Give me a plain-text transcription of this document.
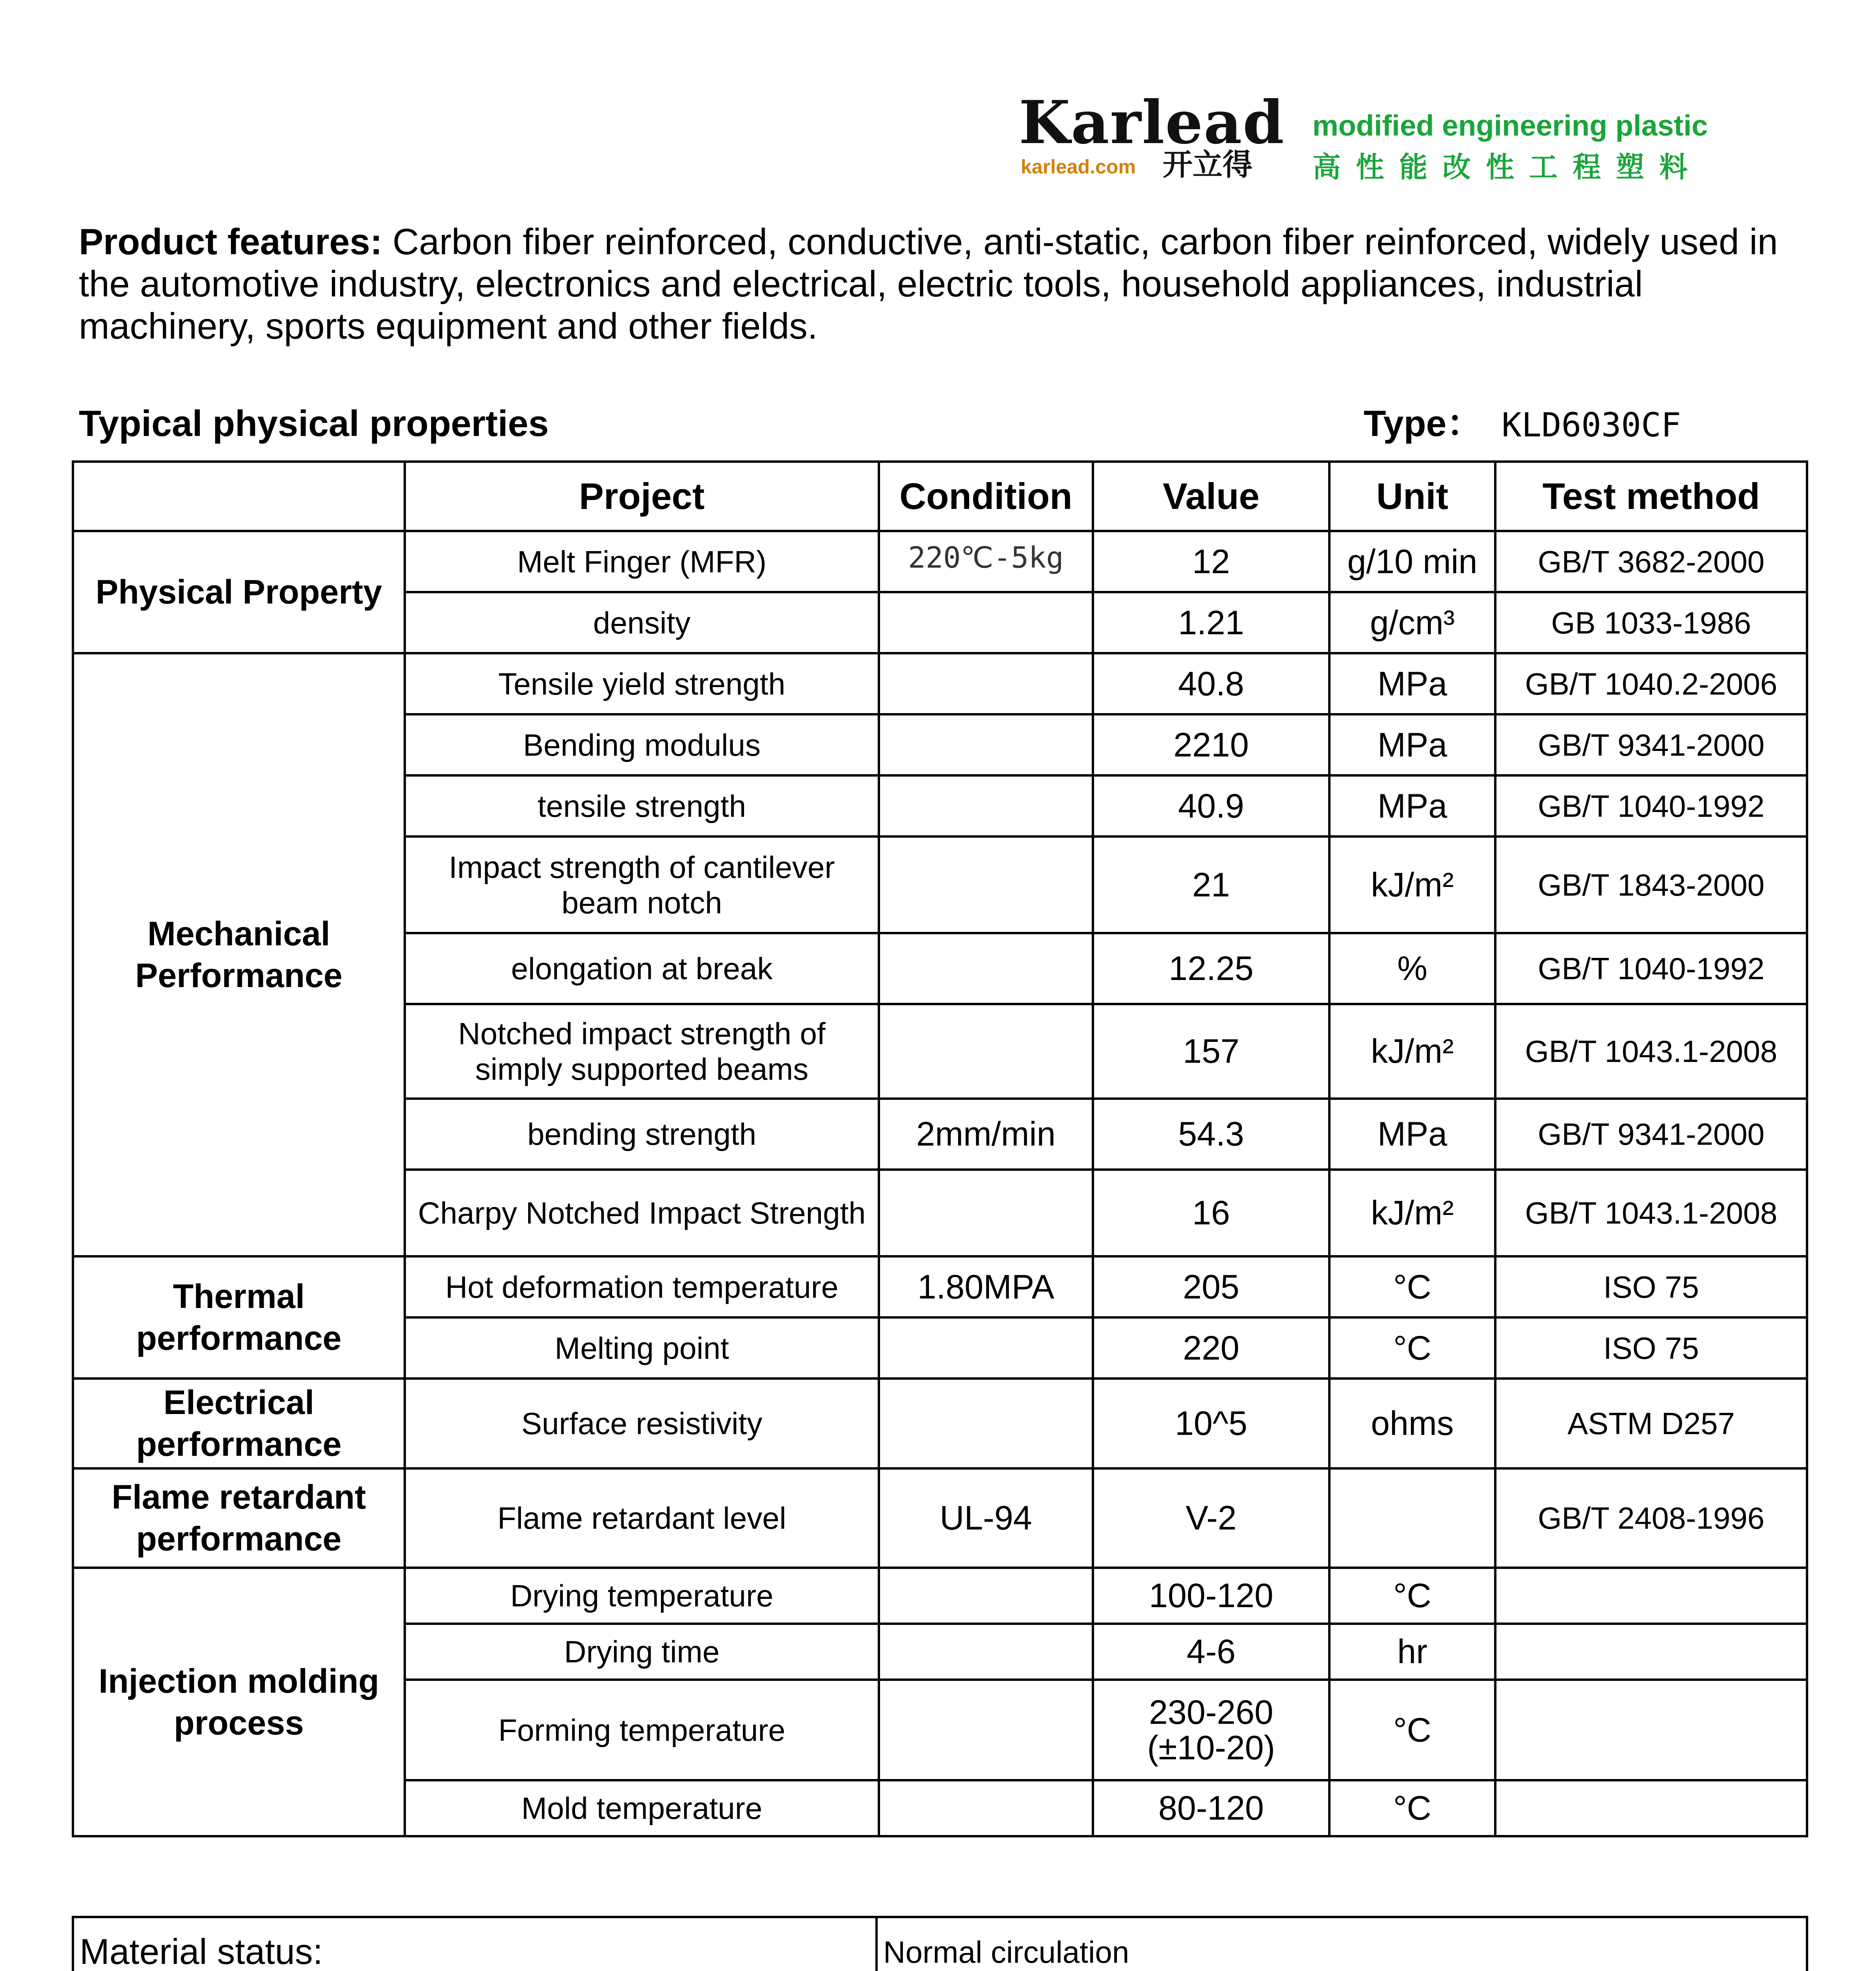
Karlead
karlead.com 开立得
modified engineering plastic
高性能改性工程塑料
Product features: Carbon fiber reinforced, conductive, anti-static, carbon fiber reinforced, widely used in the automotive industry, electronics and electrical, electric tools, household appliances, industrial machinery, sports equipment and other fields.
Typical physical properties	Type： KLD6030CF
	Project	Condition	Value	Unit	Test method
Physical Property	Melt Finger (MFR)	220℃-5kg	12	g/10 min	GB/T 3682-2000
	density		1.21	g/cm³	GB 1033-1986
Mechanical Performance	Tensile yield strength		40.8	MPa	GB/T 1040.2-2006
	Bending modulus		2210	MPa	GB/T 9341-2000
	tensile strength		40.9	MPa	GB/T 1040-1992
	Impact strength of cantilever beam notch		21	kJ/m²	GB/T 1843-2000
	elongation at break		12.25	%	GB/T 1040-1992
	Notched impact strength of simply supported beams		157	kJ/m²	GB/T 1043.1-2008
	bending strength	2mm/min	54.3	MPa	GB/T 9341-2000
	Charpy Notched Impact Strength		16	kJ/m²	GB/T 1043.1-2008
Thermal performance	Hot deformation temperature	1.80MPA	205	°C	ISO 75
	Melting point		220	°C	ISO 75
Electrical performance	Surface resistivity		10^5	ohms	ASTM D257
Flame retardant performance	Flame retardant level	UL-94	V-2		GB/T 2408-1996
Injection molding process	Drying temperature		100-120	°C	
	Drying time		4-6	hr	
	Forming temperature		230-260 (±10-20)	°C	
	Mold temperature		80-120	°C	
Material status:	Normal circulation
